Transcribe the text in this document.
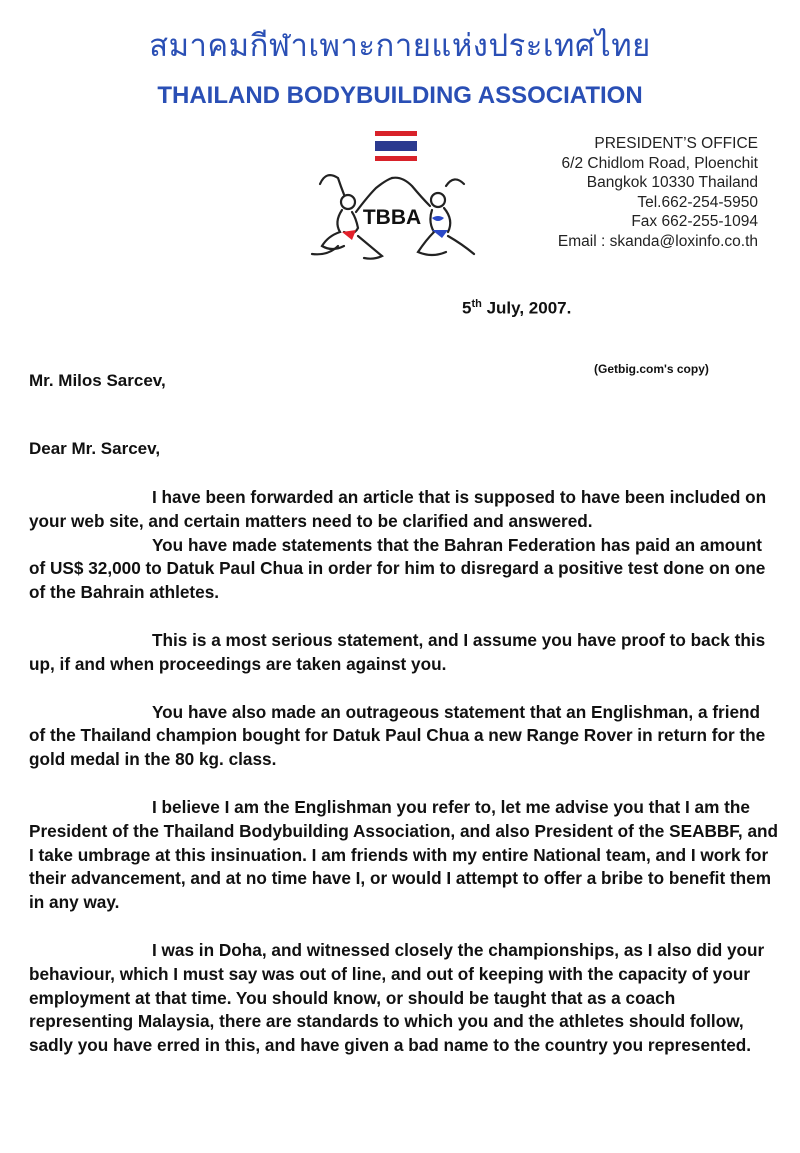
สมาคมกีฬาเพาะกายแห่งประเทศไทย
THAILAND BODYBUILDING ASSOCIATION
TBBA
PRESIDENT’S OFFICE
6/2 Chidlom Road, Ploenchit
Bangkok 10330 Thailand
Tel.662-254-5950
Fax 662-255-1094
Email : skanda@loxinfo.co.th
5th July, 2007.
(Getbig.com's copy)
Mr. Milos Sarcev,
Dear Mr. Sarcev,

I have been forwarded an article that is supposed to have been included on your web site, and certain matters need to be clarified and answered.

You have made statements that the Bahran Federation has paid an amount of US$ 32,000 to Datuk Paul Chua in order for him to disregard a positive test done on one of the Bahrain athletes.

This is a most serious statement, and I assume you have proof to back this up, if and when proceedings are taken against you.

You have also made an outrageous statement that an Englishman, a friend of the Thailand champion bought for Datuk Paul Chua a new Range Rover in return for the gold medal in the 80 kg. class.

I believe I am the Englishman you refer to, let me advise you that I am the President of the Thailand Bodybuilding Association, and also President of the SEABBF, and I take umbrage at this insinuation. I am friends with my entire National team, and I work for their advancement, and at no time have I, or would I attempt to offer a bribe to benefit them in any way.

I was in Doha, and witnessed closely the championships, as I also did your behaviour, which I must say was out of line, and out of keeping with the capacity of your employment at that time. You should know, or should be taught that as a coach representing Malaysia, there are standards to which you and the athletes should follow, sadly you have erred in this, and have given a bad name to the country you represented.
